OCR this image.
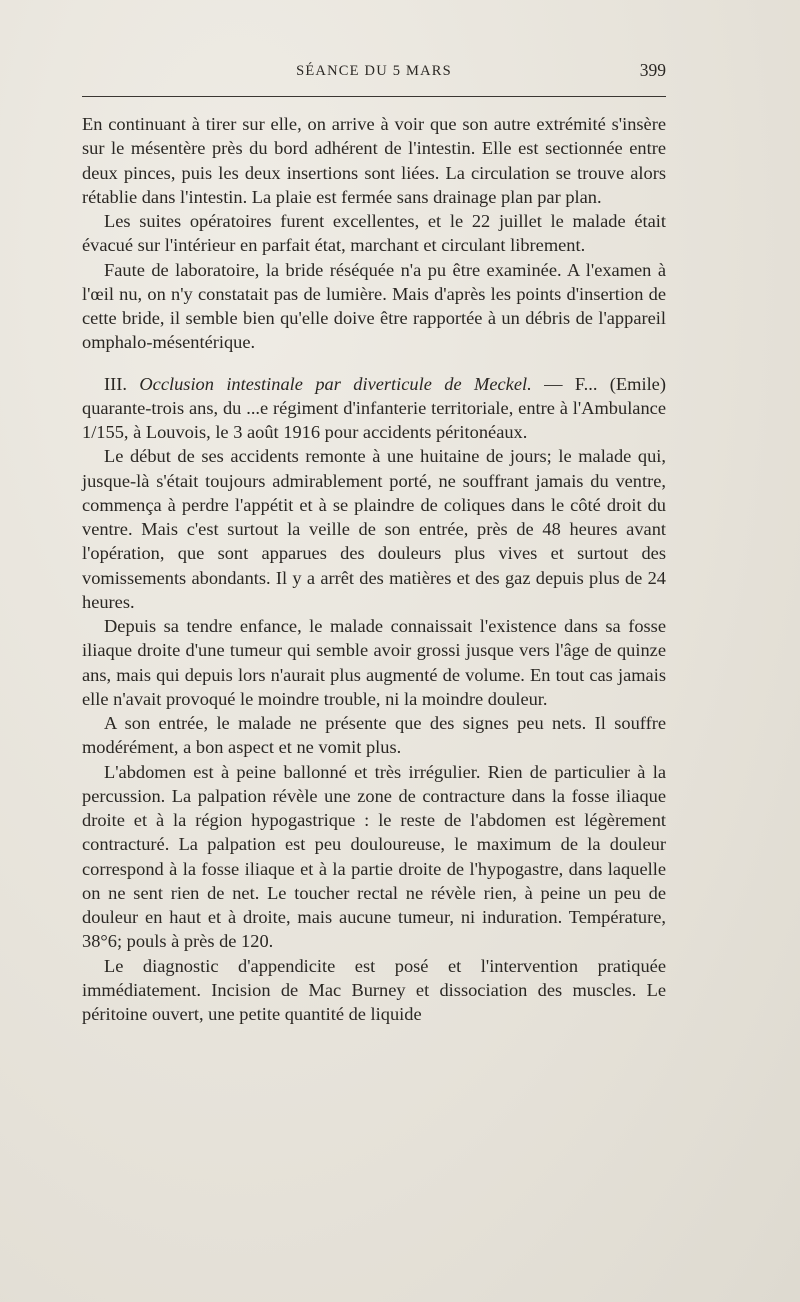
SÉANCE DU 5 MARS	399

En continuant à tirer sur elle, on arrive à voir que son autre extrémité s'insère sur le mésentère près du bord adhérent de l'intestin. Elle est sectionnée entre deux pinces, puis les deux insertions sont liées. La circulation se trouve alors rétablie dans l'intestin. La plaie est fermée sans drainage plan par plan.

Les suites opératoires furent excellentes, et le 22 juillet le malade était évacué sur l'intérieur en parfait état, marchant et circulant librement.

Faute de laboratoire, la bride réséquée n'a pu être examinée. A l'examen à l'œil nu, on n'y constatait pas de lumière. Mais d'après les points d'insertion de cette bride, il semble bien qu'elle doive être rapportée à un débris de l'appareil omphalo-mésentérique.

III. Occlusion intestinale par diverticule de Meckel. — F... (Emile) quarante-trois ans, du ...e régiment d'infanterie territoriale, entre à l'Ambulance 1/155, à Louvois, le 3 août 1916 pour accidents péritonéaux.

Le début de ses accidents remonte à une huitaine de jours; le malade qui, jusque-là s'était toujours admirablement porté, ne souffrant jamais du ventre, commença à perdre l'appétit et à se plaindre de coliques dans le côté droit du ventre. Mais c'est surtout la veille de son entrée, près de 48 heures avant l'opération, que sont apparues des douleurs plus vives et surtout des vomissements abondants. Il y a arrêt des matières et des gaz depuis plus de 24 heures.

Depuis sa tendre enfance, le malade connaissait l'existence dans sa fosse iliaque droite d'une tumeur qui semble avoir grossi jusque vers l'âge de quinze ans, mais qui depuis lors n'aurait plus augmenté de volume. En tout cas jamais elle n'avait provoqué le moindre trouble, ni la moindre douleur.

A son entrée, le malade ne présente que des signes peu nets. Il souffre modérément, a bon aspect et ne vomit plus.

L'abdomen est à peine ballonné et très irrégulier. Rien de particulier à la percussion. La palpation révèle une zone de contracture dans la fosse iliaque droite et à la région hypogastrique : le reste de l'abdomen est légèrement contracturé. La palpation est peu douloureuse, le maximum de la douleur correspond à la fosse iliaque et à la partie droite de l'hypogastre, dans laquelle on ne sent rien de net. Le toucher rectal ne révèle rien, à peine un peu de douleur en haut et à droite, mais aucune tumeur, ni induration. Température, 38°6; pouls à près de 120.

Le diagnostic d'appendicite est posé et l'intervention pratiquée immédiatement. Incision de Mac Burney et dissociation des muscles. Le péritoine ouvert, une petite quantité de liquide
